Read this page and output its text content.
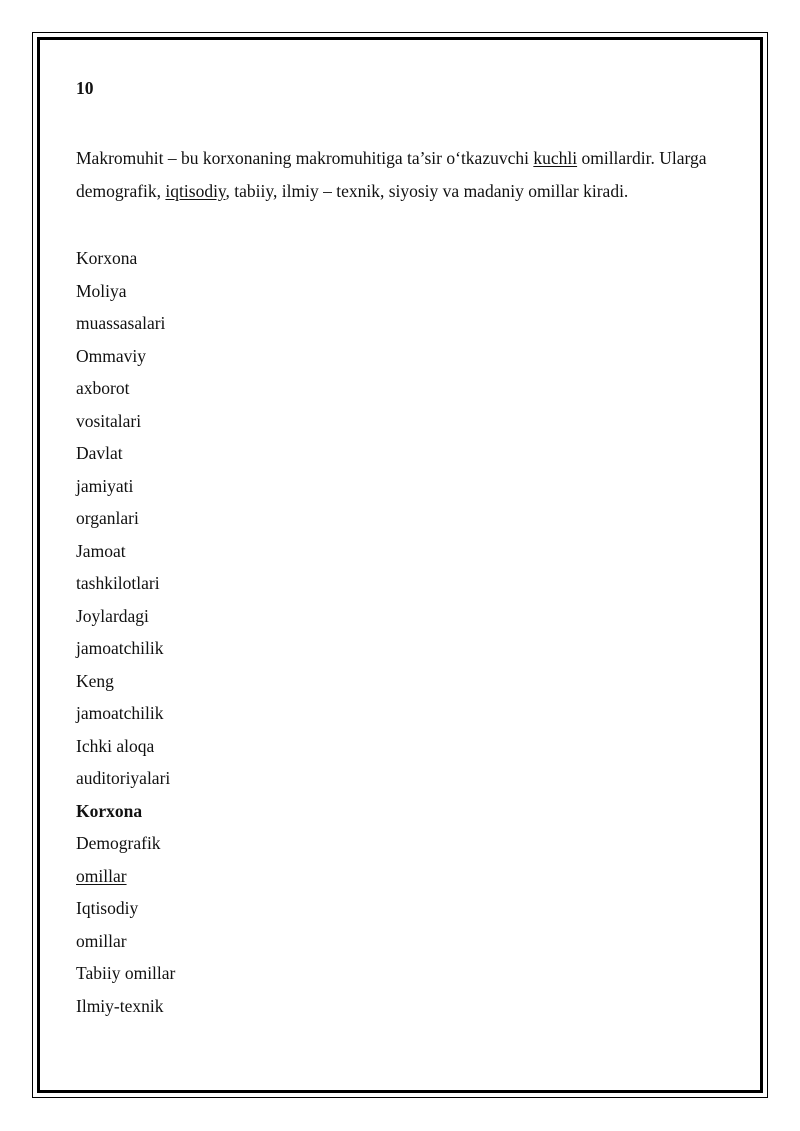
10

Makromuhit – bu korxonaning makromuhitiga ta’sir o‘tkazuvchi kuchli omillardir. Ularga demografik, iqtisodiy, tabiiy, ilmiy – texnik, siyosiy va madaniy omillar kiradi.

Korxona
Moliya
muassasalari
Ommaviy
axborot
vositalari
Davlat
jamiyati
organlari
Jamoat
tashkilotlari
Joylardagi
jamoatchilik
Keng
jamoatchilik
Ichki aloqa
auditoriyalari
Korxona
Demografik
omillar
Iqtisodiy
omillar
Tabiiy omillar
Ilmiy-texnik
